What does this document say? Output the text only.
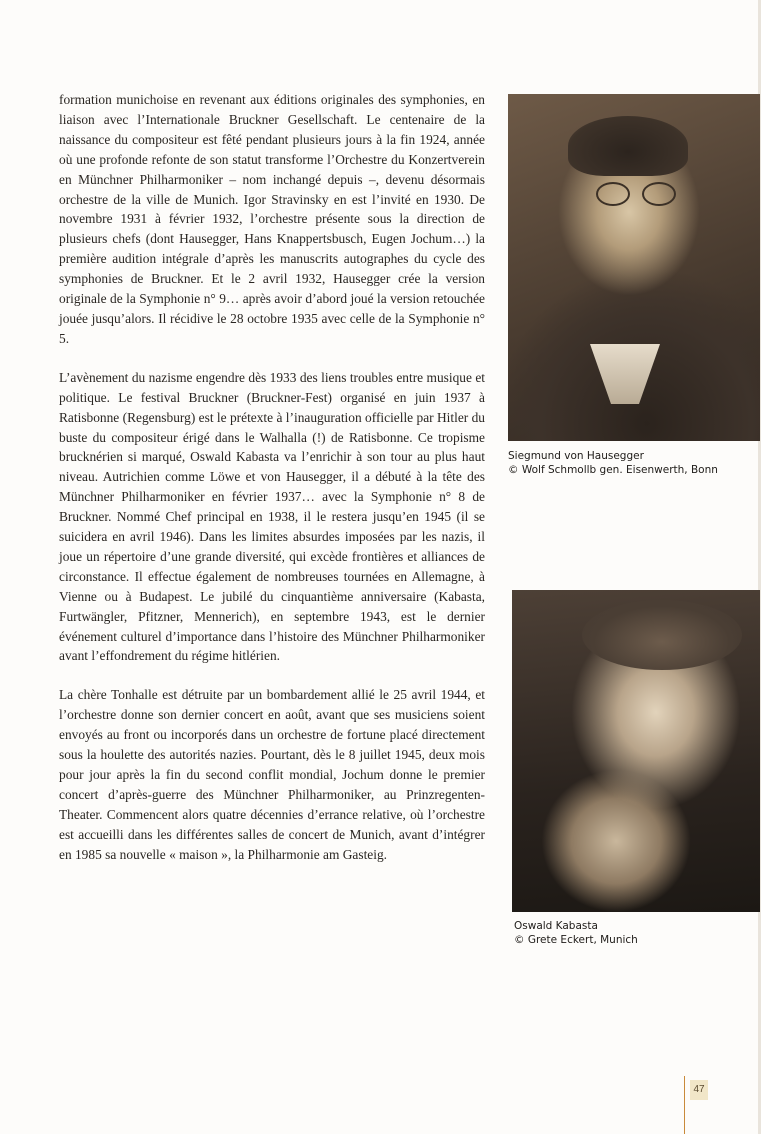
formation munichoise en revenant aux éditions originales des symphonies, en liaison avec l’Internationale Bruckner Gesellschaft. Le centenaire de la naissance du compositeur est fêté pendant plusieurs jours à la fin 1924, année où une profonde refonte de son statut transforme l’Orchestre du Konzertverein en Münchner Philharmoniker – nom inchangé depuis –, devenu désormais orchestre de la ville de Munich. Igor Stravinsky en est l’invité en 1930. De novembre 1931 à février 1932, l’orchestre présente sous la direction de plusieurs chefs (dont Hausegger, Hans Knappertsbusch, Eugen Jochum…) la première audition intégrale d’après les manuscrits autographes du cycle des symphonies de Bruckner. Et le 2 avril 1932, Hausegger crée la version originale de la Symphonie n° 9… après avoir d’abord joué la version retouchée jouée jusqu’alors. Il récidive le 28 octobre 1935 avec celle de la Symphonie n° 5.

L’avènement du nazisme engendre dès 1933 des liens troubles entre musique et politique. Le festival Bruckner (Bruckner-Fest) organisé en juin 1937 à Ratisbonne (Regensburg) est le prétexte à l’inauguration officielle par Hitler du buste du compositeur érigé dans le Walhalla (!) de Ratisbonne. Ce tropisme brucknérien si marqué, Oswald Kabasta va l’enrichir à son tour au plus haut niveau. Autrichien comme Löwe et von Hausegger, il a débuté à la tête des Münchner Philharmoniker en février 1937… avec la Symphonie n° 8 de Bruckner. Nommé Chef principal en 1938, il le restera jusqu’en 1945 (il se suicidera en avril 1946). Dans les limites absurdes imposées par les nazis, il joue un répertoire d’une grande diversité, qui excède frontières et alliances de circonstance. Il effectue également de nombreuses tournées en Allemagne, à Vienne ou à Budapest. Le jubilé du cinquantième anniversaire (Kabasta, Furtwängler, Pfitzner, Mennerich), en septembre 1943, est le dernier événement culturel d’importance dans l’histoire des Münchner Philharmoniker avant l’effondrement du régime hitlérien.

La chère Tonhalle est détruite par un bombardement allié le 25 avril 1944, et l’orchestre donne son dernier concert en août, avant que ses musiciens soient envoyés au front ou incorporés dans un orchestre de fortune placé directement sous la houlette des autorités nazies. Pourtant, dès le 8 juillet 1945, deux mois pour jour après la fin du second conflit mondial, Jochum donne le premier concert d’après-guerre des Münchner Philharmoniker, au Prinzregenten-Theater. Commencent alors quatre décennies d’errance relative, où l’orchestre est accueilli dans les différentes salles de concert de Munich, avant d’intégrer en 1985 sa nouvelle « maison », la Philharmonie am Gasteig.

Siegmund von Hausegger
© Wolf Schmollb gen. Eisenwerth, Bonn
Oswald Kabasta
© Grete Eckert, Munich
47
